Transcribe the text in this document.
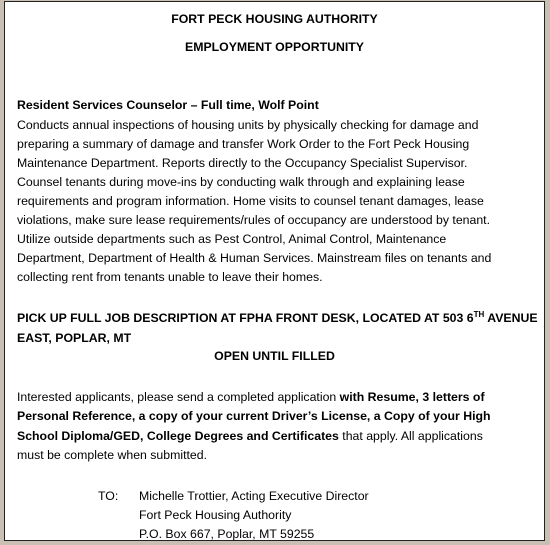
FORT PECK HOUSING AUTHORITY
EMPLOYMENT OPPORTUNITY
Resident Services Counselor – Full time, Wolf Point
Conducts annual inspections of housing units by physically checking for damage and
preparing a summary of damage and transfer Work Order to the Fort Peck Housing
Maintenance Department. Reports directly to the Occupancy Specialist Supervisor.
Counsel tenants during move-ins by conducting walk through and explaining lease
requirements and program information. Home visits to counsel tenant damages, lease
violations, make sure lease requirements/rules of occupancy are understood by tenant.
Utilize outside departments such as Pest Control, Animal Control, Maintenance
Department, Department of Health & Human Services. Mainstream files on tenants and
collecting rent from tenants unable to leave their homes.
PICK UP FULL JOB DESCRIPTION AT FPHA FRONT DESK, LOCATED AT 503 6TH AVENUE
EAST, POPLAR, MT
OPEN UNTIL FILLED
Interested applicants, please send a completed application with Resume, 3 letters of
Personal Reference, a copy of your current Driver’s License, a Copy of your High
School Diploma/GED, College Degrees and Certificates that apply. All applications
must be complete when submitted.
TO: Michelle Trottier, Acting Executive Director
Fort Peck Housing Authority
P.O. Box 667, Poplar, MT 59255
